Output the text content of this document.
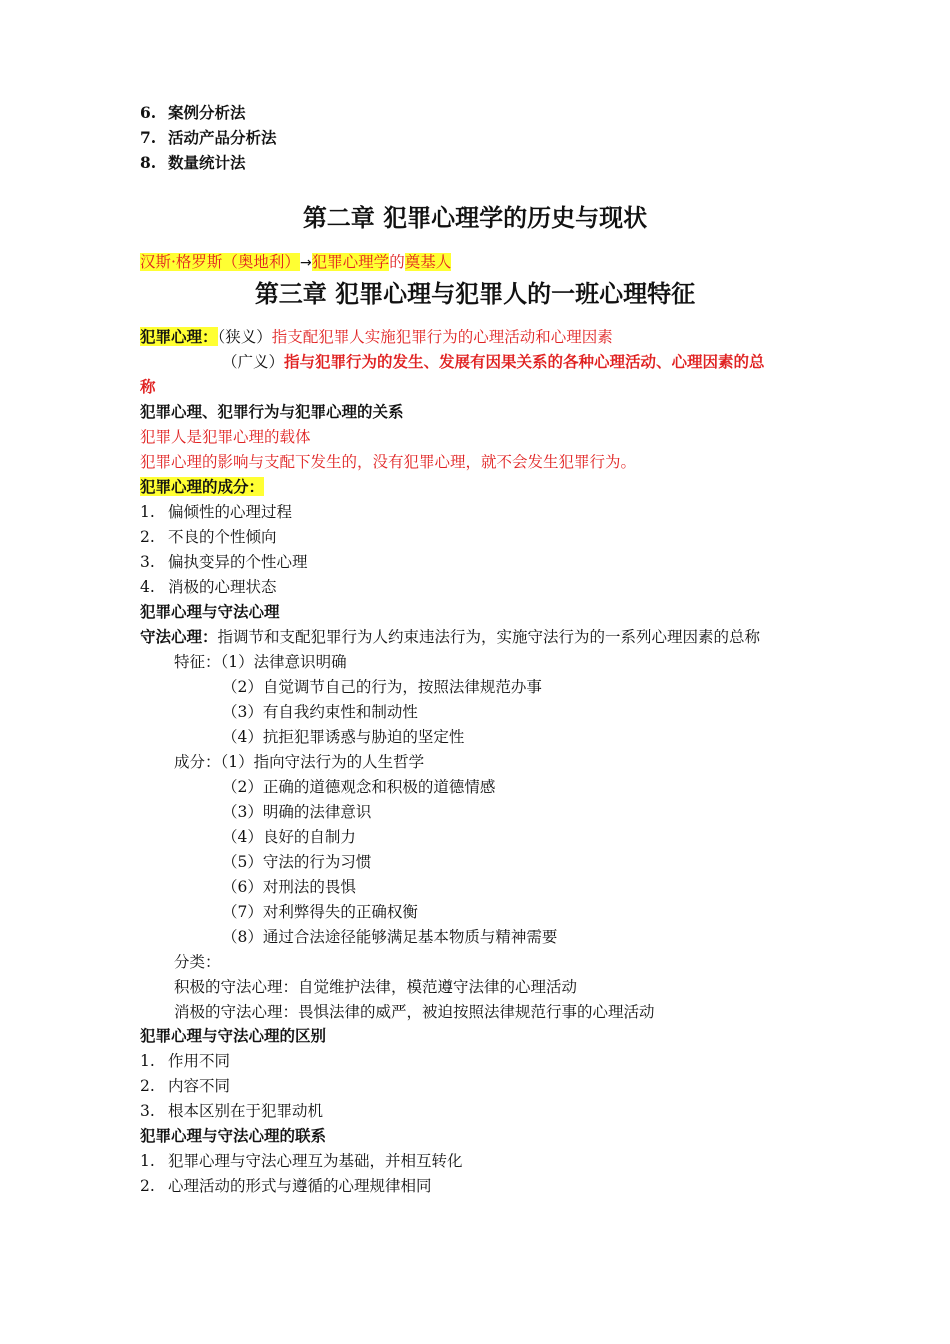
6. 案例分析法
7. 活动产品分析法
8. 数量统计法
第二章 犯罪心理学的历史与现状
汉斯·格罗斯（奥地利）→犯罪心理学的奠基人
第三章 犯罪心理与犯罪人的一班心理特征
犯罪心理：（狭义）指支配犯罪人实施犯罪行为的心理活动和心理因素
（广义）指与犯罪行为的发生、发展有因果关系的各种心理活动、心理因素的总
称
犯罪心理、犯罪行为与犯罪心理的关系
犯罪人是犯罪心理的载体
犯罪心理的影响与支配下发生的，没有犯罪心理，就不会发生犯罪行为。
犯罪心理的成分：
1. 偏倾性的心理过程
2. 不良的个性倾向
3. 偏执变异的个性心理
4. 消极的心理状态
犯罪心理与守法心理
守法心理：指调节和支配犯罪行为人约束违法行为，实施守法行为的一系列心理因素的总称
特征：（1）法律意识明确
（2）自觉调节自己的行为，按照法律规范办事
（3）有自我约束性和制动性
（4）抗拒犯罪诱惑与胁迫的坚定性
成分：（1）指向守法行为的人生哲学
（2）正确的道德观念和积极的道德情感
（3）明确的法律意识
（4）良好的自制力
（5）守法的行为习惯
（6）对刑法的畏惧
（7）对利弊得失的正确权衡
（8）通过合法途径能够满足基本物质与精神需要
分类：
积极的守法心理：自觉维护法律，模范遵守法律的心理活动
消极的守法心理：畏惧法律的威严，被迫按照法律规范行事的心理活动
犯罪心理与守法心理的区别
1. 作用不同
2. 内容不同
3. 根本区别在于犯罪动机
犯罪心理与守法心理的联系
1. 犯罪心理与守法心理互为基础，并相互转化
2. 心理活动的形式与遵循的心理规律相同
